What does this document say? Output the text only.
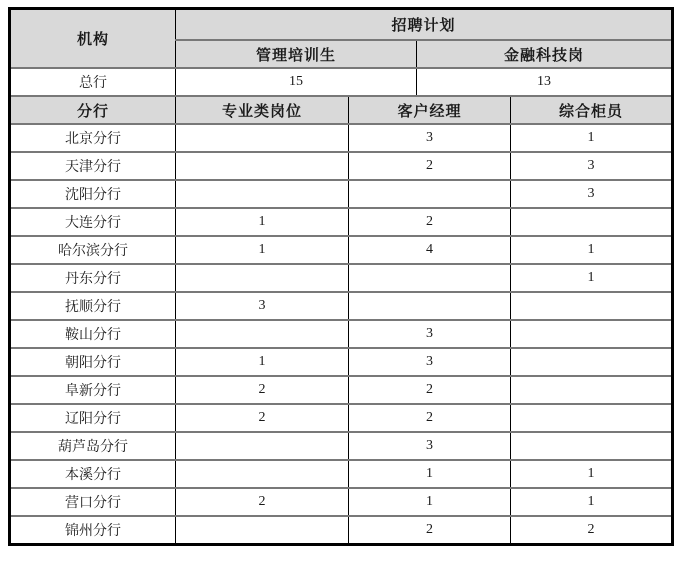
机构	招聘计划			
	管理培训生		金融科技岗	
总行	15		13	
分行	专业类岗位	客户经理		综合柜员
北京分行		3		1
天津分行		2		3
沈阳分行				3
大连分行	1	2		
哈尔滨分行	1	4		1
丹东分行				1
抚顺分行	3			
鞍山分行		3		
朝阳分行	1	3		
阜新分行	2	2		
辽阳分行	2	2		
葫芦岛分行		3		
本溪分行		1		1
营口分行	2	1		1
锦州分行		2		2
